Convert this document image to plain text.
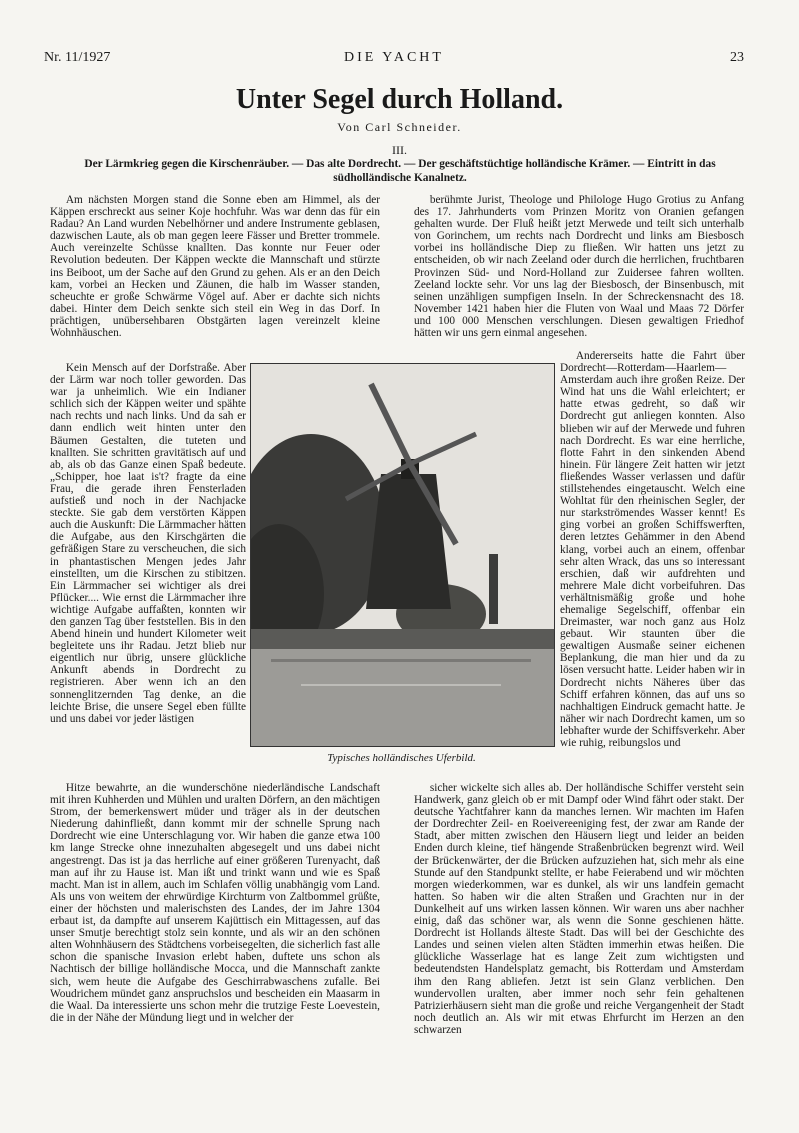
Nr. 11/1927	DIE YACHT	23
Unter Segel durch Holland.
Von Carl Schneider.
III.
Der Lärmkrieg gegen die Kirschenräuber. — Das alte Dordrecht. — Der geschäftstüchtige holländische Krämer. — Eintritt in das südholländische Kanalnetz.

Am nächsten Morgen stand die Sonne eben am Himmel, als der Käppen erschreckt aus seiner Koje hochfuhr. Was war denn das für ein Radau? An Land wurden Nebelhörner und andere Instrumente geblasen, dazwischen Laute, als ob man gegen leere Fässer und Bretter trommele. Auch vereinzelte Schüsse knallten. Das konnte nur Feuer oder Revolution bedeuten. Der Käppen weckte die Mannschaft und stürzte ins Beiboot, um der Sache auf den Grund zu gehen. Als er an den Deich kam, vorbei an Hecken und Zäunen, die halb im Wasser standen, scheuchte er große Schwärme Vögel auf. Aber er dachte sich nichts dabei. Hinter dem Deich senkte sich steil ein Weg in das Dorf. In prächtigen, unübersehbaren Obstgärten lagen vereinzelt kleine Wohnhäuschen.

Kein Mensch auf der Dorfstraße. Aber der Lärm war noch toller geworden. Das war ja unheimlich. Wie ein Indianer schlich sich der Käppen weiter und spähte nach rechts und nach links. Und da sah er dann endlich weit hinten unter den Bäumen Gestalten, die tuteten und knallten. Sie schritten gravitätisch auf und ab, als ob das Ganze einen Spaß bedeute. „Schipper, hoe laat is't? fragte da eine Frau, die gerade ihren Fensterladen aufstieß und noch in der Nachjacke steckte. Sie gab dem verstörten Käppen auch die Auskunft: Die Lärmmacher hätten die Aufgabe, aus den Kirschgärten die gefräßigen Stare zu verscheuchen, die sich in phantastischen Mengen jedes Jahr einstellten, um die Kirschen zu stibitzen. Ein Lärmmacher sei wichtiger als drei Pflücker.... Wie ernst die Lärmmacher ihre wichtige Aufgabe auffaßten, konnten wir den ganzen Tag über feststellen. Bis in den Abend hinein und hundert Kilometer weit begleitete uns ihr Radau. Jetzt blieb nur eigentlich nur übrig, unsere glückliche Ankunft abends in Dordrecht zu registrieren. Aber wenn ich an den sonnenglitzernden Tag denke, an die leichte Brise, die unsere Segel eben füllte und uns dabei vor jeder lästigen

berühmte Jurist, Theologe und Philologe Hugo Grotius zu Anfang des 17. Jahrhunderts vom Prinzen Moritz von Oranien gefangen gehalten wurde. Der Fluß heißt jetzt Merwede und teilt sich unterhalb von Gorinchem, um rechts nach Dordrecht und links am Biesbosch vorbei ins holländische Diep zu fließen. Wir hatten uns jetzt zu entscheiden, ob wir nach Zeeland oder durch die herrlichen, fruchtbaren Provinzen Süd- und Nord-Holland zur Zuidersee fahren wollten. Zeeland lockte sehr. Vor uns lag der Biesbosch, der Binsenbusch, mit seinen unzähligen sumpfigen Inseln. In der Schreckensnacht des 18. November 1421 haben hier die Fluten von Waal und Maas 72 Dörfer und 100 000 Menschen verschlungen. Diesen gewaltigen Friedhof hätten wir uns gern einmal angesehen.

Andererseits hatte die Fahrt über Dordrecht—Rotterdam—Haarlem—Amsterdam auch ihre großen Reize. Der Wind hat uns die Wahl erleichtert; er hatte etwas gedreht, so daß wir Dordrecht gut anliegen konnten. Also blieben wir auf der Merwede und fuhren nach Dordrecht. Es war eine herrliche, flotte Fahrt in den sinkenden Abend hinein. Für längere Zeit hatten wir jetzt fließendes Wasser verlassen und dafür stillstehendes eingetauscht. Welch eine Wohltat für den rheinischen Segler, der nur starkströmendes Wasser kennt! Es ging vorbei an großen Schiffswerften, deren letztes Gehämmer in den Abend klang, vorbei auch an einem, offenbar sehr alten Wrack, das uns so interessant erschien, daß wir aufdrehten und mehrere Male dicht vorbeifuhren. Das verhältnismäßig große und hohe ehemalige Segelschiff, offenbar ein Dreimaster, war noch ganz aus Holz gebaut. Wir staunten über die gewaltigen Ausmaße seiner eichenen Beplankung, die man hier und da zu lösen versucht hatte. Leider haben wir in Dordrecht nichts Näheres über das Schiff erfahren können, das auf uns so nachhaltigen Eindruck gemacht hatte. Je näher wir nach Dordrecht kamen, um so lebhafter wurde der Schiffsverkehr. Aber wie ruhig, reibungslos und

Typisches holländisches Uferbild.

Hitze bewahrte, an die wunderschöne niederländische Landschaft mit ihren Kuhherden und Mühlen und uralten Dörfern, an den mächtigen Strom, der bemerkenswert müder und träger als in der deutschen Niederung dahinfließt, dann kommt mir der schnelle Sprung nach Dordrecht wie eine Unterschlagung vor. Wir haben die ganze etwa 100 km lange Strecke ohne innezuhalten abgesegelt und uns dabei nicht angestrengt. Das ist ja das herrliche auf einer größeren Turenyacht, daß man auf ihr zu Hause ist. Man ißt und trinkt wann und wie es Spaß macht. Man ist in allem, auch im Schlafen völlig unabhängig vom Land. Als uns von weitem der ehrwürdige Kirchturm von Zaltbommel grüßte, einer der höchsten und malerischsten des Landes, der im Jahre 1304 erbaut ist, da dampfte auf unserem Kajüttisch ein Mittagessen, auf das unser Smutje berechtigt stolz sein konnte, und als wir an den schönen alten Wohnhäusern des Städtchens vorbeisegelten, die sicherlich fast alle schon die spanische Invasion erlebt haben, duftete uns schon als Nachtisch der billige holländische Mocca, und die Mannschaft zankte sich, wem heute die Aufgabe des Geschirrabwaschens zufalle. Bei Woudrichem mündet ganz anspruchslos und bescheiden ein Maasarm in die Waal. Da interessierte uns schon mehr die trutzige Feste Loevestein, die in der Nähe der Mündung liegt und in welcher der

sicher wickelte sich alles ab. Der holländische Schiffer versteht sein Handwerk, ganz gleich ob er mit Dampf oder Wind fährt oder stakt. Der deutsche Yachtfahrer kann da manches lernen. Wir machten im Hafen der Dordrechter Zeil- en Roeivereeniging fest, der zwar am Rande der Stadt, aber mitten zwischen den Häusern liegt und leider an beiden Enden durch kleine, tief hängende Straßenbrücken begrenzt wird. Weil der Brückenwärter, der die Brücken aufzuziehen hat, sich mehr als eine Stunde auf den Standpunkt stellte, er habe Feierabend und wir möchten morgen wiederkommen, war es dunkel, als wir uns landfein gemacht hatten. So haben wir die alten Straßen und Grachten nur in der Dunkelheit auf uns wirken lassen können. Wir waren uns aber nachher einig, daß das schöner war, als wenn die Sonne geschienen hätte. Dordrecht ist Hollands älteste Stadt. Das will bei der Geschichte des Landes und seinen vielen alten Städten immerhin etwas heißen. Die glückliche Wasserlage hat es lange Zeit zum wichtigsten und bedeutendsten Handelsplatz gemacht, bis Rotterdam und Amsterdam ihm den Rang abliefen. Jetzt ist sein Glanz verblichen. Den wundervollen uralten, aber immer noch sehr fein gehaltenen Patrizierhäusern sieht man die große und reiche Vergangenheit der Stadt noch deutlich an. Als wir mit etwas Ehrfurcht im Herzen an den schwarzen
